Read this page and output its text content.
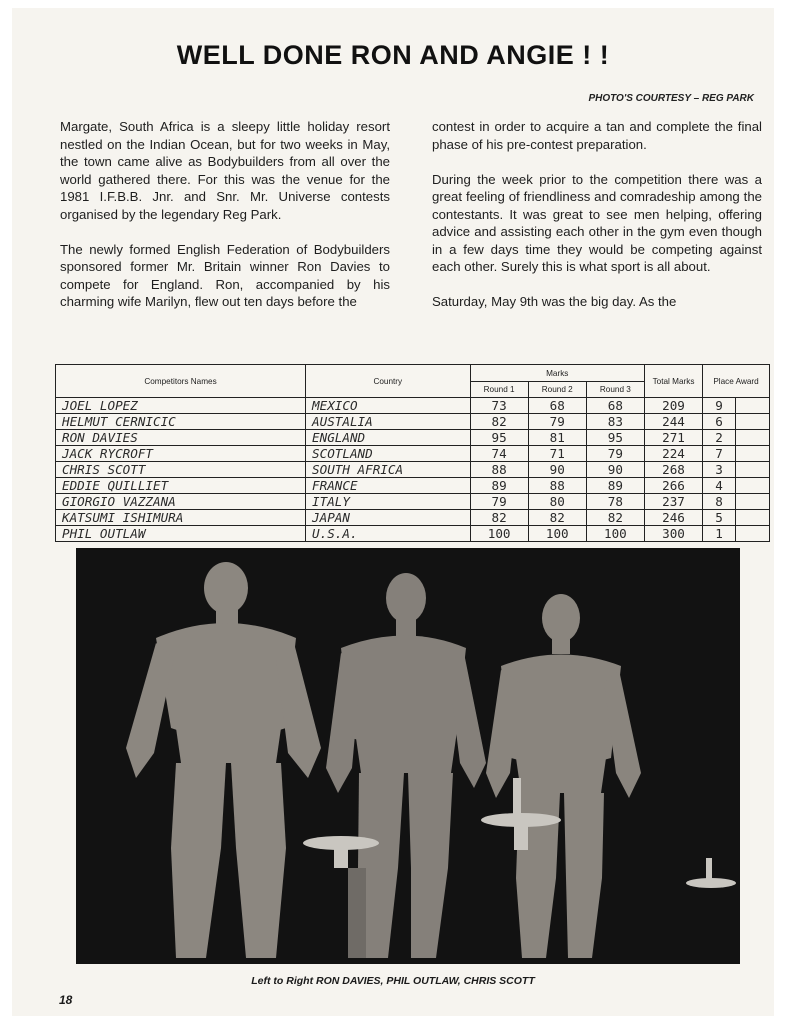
WELL DONE RON AND ANGIE ! !
PHOTO'S COURTESY – REG PARK

Margate, South Africa is a sleepy little holiday resort nestled on the Indian Ocean, but for two weeks in May, the town came alive as Bodybuilders from all over the world gathered there. For this was the venue for the 1981 I.F.B.B. Jnr. and Snr. Mr. Universe contests organised by the legendary Reg Park.

The newly formed English Federation of Bodybuilders sponsored former Mr. Britain winner Ron Davies to compete for England. Ron, accompanied by his charming wife Marilyn, flew out ten days before the

contest in order to acquire a tan and complete the final phase of his pre-contest preparation.

During the week prior to the competition there was a great feeling of friendliness and comradeship among the contestants. It was great to see men helping, offering advice and assisting each other in the gym even though in a few days time they would be competing against each other. Surely this is what sport is all about.

Saturday, May 9th was the big day. As the

Competitors Names	Country	Marks			Total Marks	Place Award	
		Round 1	Round 2	Round 3			
JOEL LOPEZ	MEXICO	73	68	68	209	9	
HELMUT CERNICIC	AUSTALIA	82	79	83	244	6	
RON DAVIES	ENGLAND	95	81	95	271	2	
JACK RYCROFT	SCOTLAND	74	71	79	224	7	
CHRIS SCOTT	SOUTH AFRICA	88	90	90	268	3	
EDDIE QUILLIET	FRANCE	89	88	89	266	4	
GIORGIO VAZZANA	ITALY	79	80	78	237	8	
KATSUMI ISHIMURA	JAPAN	82	82	82	246	5	
PHIL OUTLAW	U.S.A.	100	100	100	300	1	
Left to Right RON DAVIES, PHIL OUTLAW, CHRIS SCOTT
18
